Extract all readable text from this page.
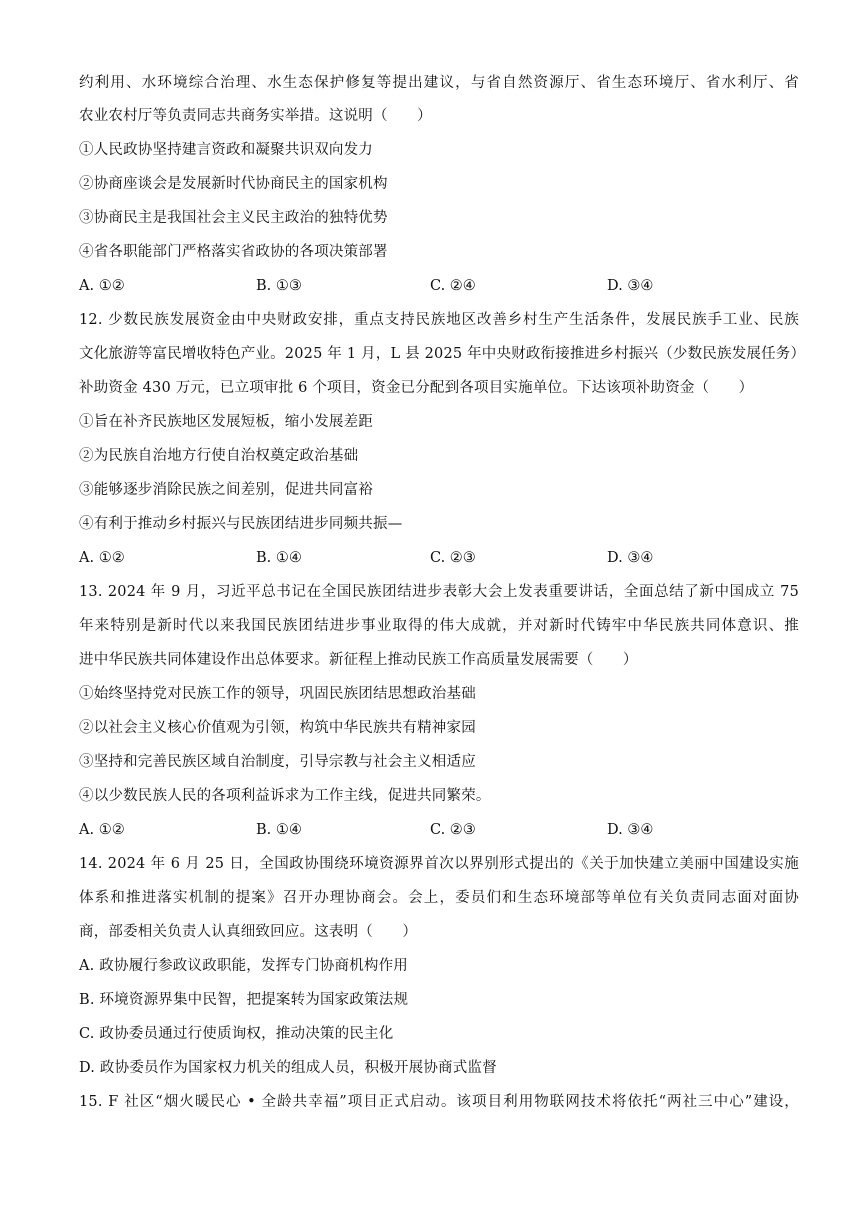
约利用、水环境综合治理、水生态保护修复等提出建议，与省自然资源厅、省生态环境厅、省水利厅、省
农业农村厅等负责同志共商务实举措。这说明（　　）
①人民政协坚持建言资政和凝聚共识双向发力
②协商座谈会是发展新时代协商民主的国家机构
③协商民主是我国社会主义民主政治的独特优势
④省各职能部门严格落实省政协的各项决策部署
A. ①②	B. ①③	C. ②④	D. ③④
12. 少数民族发展资金由中央财政安排，重点支持民族地区改善乡村生产生活条件，发展民族手工业、民族
文化旅游等富民增收特色产业。2025 年 1 月，L 县 2025 年中央财政衔接推进乡村振兴（少数民族发展任务）
补助资金 430 万元，已立项审批 6 个项目，资金已分配到各项目实施单位。下达该项补助资金（　　）
①旨在补齐民族地区发展短板，缩小发展差距
②为民族自治地方行使自治权奠定政治基础
③能够逐步消除民族之间差别，促进共同富裕
④有利于推动乡村振兴与民族团结进步同频共振—
A. ①②	B. ①④	C. ②③	D. ③④
13. 2024 年 9 月，习近平总书记在全国民族团结进步表彰大会上发表重要讲话，全面总结了新中国成立 75
年来特别是新时代以来我国民族团结进步事业取得的伟大成就，并对新时代铸牢中华民族共同体意识、推
进中华民族共同体建设作出总体要求。新征程上推动民族工作高质量发展需要（　　）
①始终坚持党对民族工作的领导，巩固民族团结思想政治基础
②以社会主义核心价值观为引领，构筑中华民族共有精神家园
③坚持和完善民族区域自治制度，引导宗教与社会主义相适应
④以少数民族人民的各项利益诉求为工作主线，促进共同繁荣。
A. ①②	B. ①④	C. ②③	D. ③④
14. 2024 年 6 月 25 日，全国政协围绕环境资源界首次以界别形式提出的《关于加快建立美丽中国建设实施
体系和推进落实机制的提案》召开办理协商会。会上，委员们和生态环境部等单位有关负责同志面对面协
商，部委相关负责人认真细致回应。这表明（　　）
A. 政协履行参政议政职能，发挥专门协商机构作用
B. 环境资源界集中民智，把提案转为国家政策法规
C. 政协委员通过行使质询权，推动决策的民主化
D. 政协委员作为国家权力机关的组成人员，积极开展协商式监督
15. F 社区“烟火暖民心 • 全龄共幸福”项目正式启动。该项目利用物联网技术将依托“两社三中心”建设，
